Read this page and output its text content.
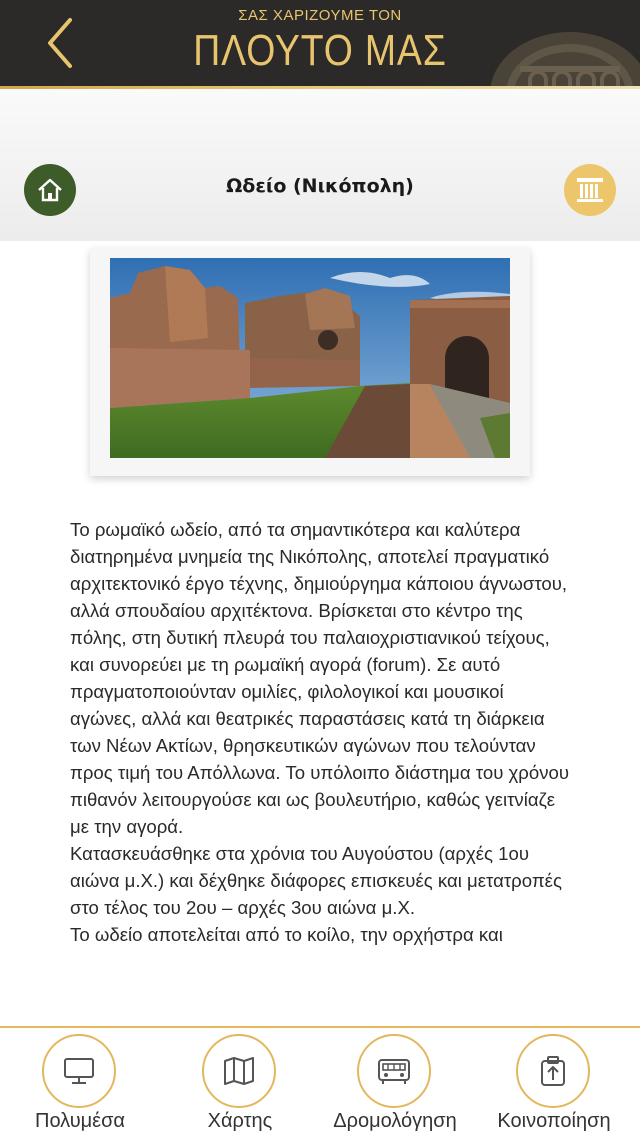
ΣΑΣ ΧΑΡΙΖΟΥΜΕ ΤΟΝ
ΠΛΟΥΤΟ ΜΑΣ
Ωδείο (Νικόπολη)

Το ρωμαϊκό ωδείο, από τα σημαντικότερα και καλύτερα διατηρημένα μνημεία της Νικόπολης, αποτελεί πραγματικό αρχιτεκτονικό έργο τέχνης, δημιούργημα κάποιου άγνωστου, αλλά σπουδαίου αρχιτέκτονα. Βρίσκεται στο κέντρο της πόλης, στη δυτική πλευρά του παλαιοχριστιανικού τείχους, και συνορεύει με τη ρωμαϊκή αγορά (forum). Σε αυτό πραγματοποιούνταν ομιλίες, φιλολογικοί και μουσικοί αγώνες, αλλά και θεατρικές παραστάσεις κατά τη διάρκεια των Νέων Ακτίων, θρησκευτικών αγώνων που τελούνταν προς τιμή του Απόλλωνα. Το υπόλοιπο διάστημα του χρόνου πιθανόν λειτουργούσε και ως βουλευτήριο, καθώς γειτνίαζε με την αγορά.

Κατασκευάσθηκε στα χρόνια του Αυγούστου (αρχές 1ου αιώνα μ.Χ.) και δέχθηκε διάφορες επισκευές και μετατροπές στο τέλος του 2ου – αρχές 3ου αιώνα μ.Χ.

Το ωδείο αποτελείται από το κοίλο, την ορχήστρα και

Πολυμέσα	Χάρτης	Δρομολόγηση	Κοινοποίηση
